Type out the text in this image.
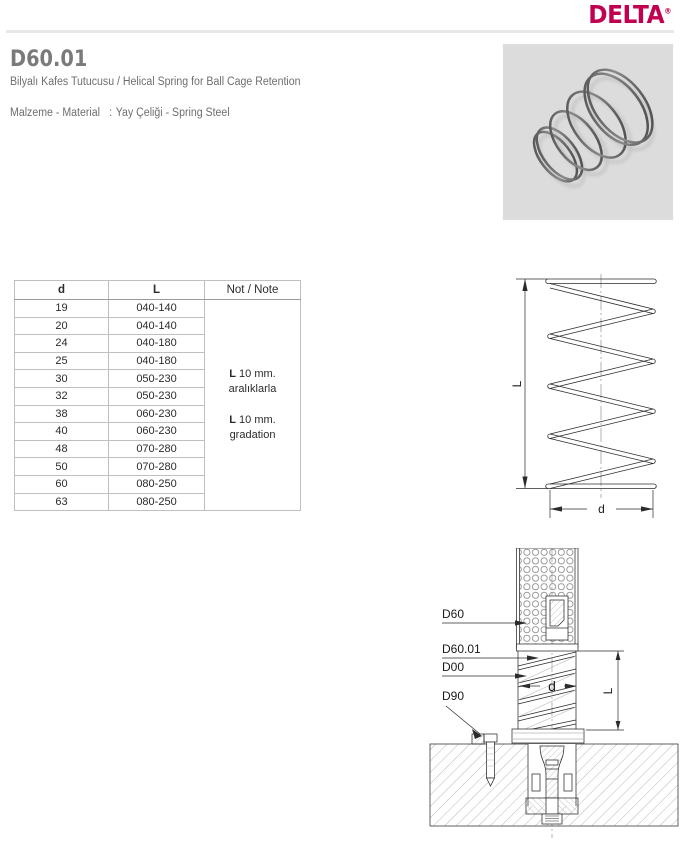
DELTA®
D60.01
Bilyalı Kafes Tutucusu / Helical Spring for Ball Cage Retention
Malzeme - Material : Yay Çeliği - Spring Steel
d	L	Not / Note
19	040-140	L 10 mm.
aralıklarla
L 10 mm.
gradation

20	040-140	
24	040-180	
25	040-180	
30	050-230	
32	050-230	
38	060-230	
40	060-230	
48	070-280	
50	070-280	
60	080-250	
63	080-250	
L
d
D60
D60.01
D00
D90	L
d
